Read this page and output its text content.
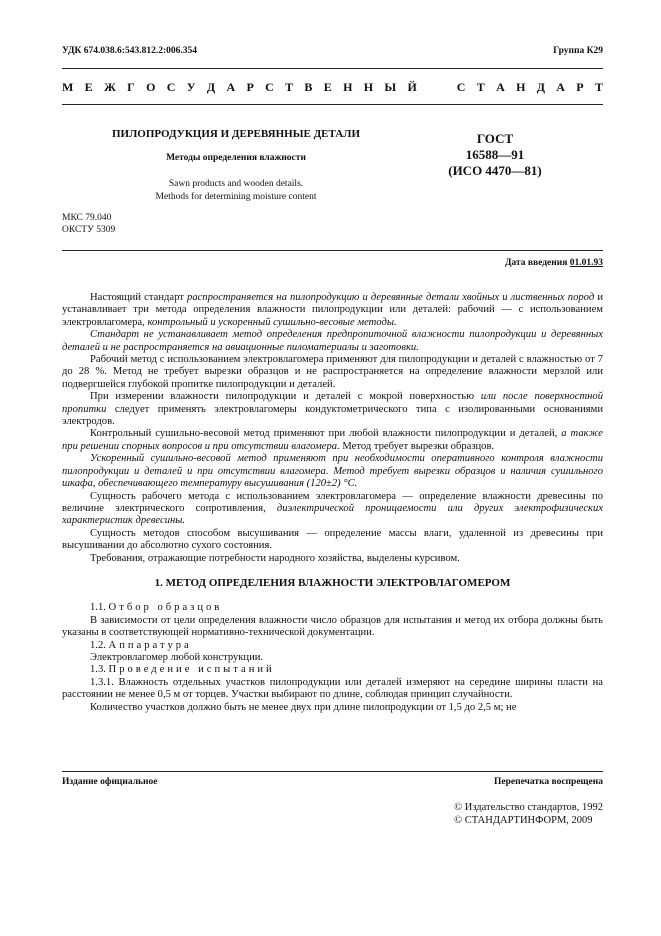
УДК 674.038.6:543.812.2:006.354	Группа К29
М Е Ж Г О С У Д А Р С Т В Е Н Н Ы Й

	С Т А Н Д А Р Т
ПИЛОПРОДУКЦИЯ И ДЕРЕВЯННЫЕ ДЕТАЛИ
Методы определения влажности
Sawn products and wooden details.
Methods for determining moisture content
ГОСТ
16588—91
(ИСО 4470—81)
МКС 79.040
ОКСТУ 5309
Дата введения 01.01.93

Настоящий стандарт распространяется на пилопродукцию и деревянные детали хвойных и лиственных пород и устанавливает три метода определения влажности пилопродукции или деталей: рабочий — с использованием электровлагомера, контрольный и ускоренный сушильно-весовые методы.

Стандарт не устанавливает метод определения предпропиточной влажности пилопродукции и деревянных деталей и не распространяется на авиационные пиломатериалы и заготовки.

Рабочий метод с использованием электровлагомера применяют для пилопродукции и деталей с влажностью от 7 до 28 %. Метод не требует вырезки образцов и не распространяется на определение влажности мерзлой или подвергшейся глубокой пропитке пилопродукции и деталей.

При измерении влажности пилопродукции и деталей с мокрой поверхностью или после поверхностной пропитки следует применять электровлагомеры кондуктометрического типа с изолированными основаниями электродов.

Контрольный сушильно-весовой метод применяют при любой влажности пилопродукции и деталей, а также при решении спорных вопросов и при отсутствии влагомера. Метод требует вырезки образцов.

Ускоренный сушильно-весовой метод применяют при необходимости оперативного контроля влажности пилопродукции и деталей и при отсутствии влагомера. Метод требует вырезки образцов и наличия сушильного шкафа, обеспечивающего температуру высушивания (120±2) °С.

Сущность рабочего метода с использованием электровлагомера — определение влажности древесины по величине электрического сопротивления, диэлектрической проницаемости или других электрофизических характеристик древесины.

Сущность методов способом высушивания — определение массы влаги, удаленной из древесины при высушивании до абсолютно сухого состояния.

Требования, отражающие потребности народного хозяйства, выделены курсивом.

1. МЕТОД ОПРЕДЕЛЕНИЯ ВЛАЖНОСТИ ЭЛЕКТРОВЛАГОМЕРОМ

1.1. Отбор образцов

В зависимости от цели определения влажности число образцов для испытания и метод их отбора должны быть указаны в соответствующей нормативно-технической документации.

1.2. Аппаратура

Электровлагомер любой конструкции.

1.3. Проведение испытаний

1.3.1. Влажность отдельных участков пилопродукции или деталей измеряют на середине ширины пласти на расстоянии не менее 0,5 м от торцев. Участки выбирают по длине, соблюдая принцип случайности.

Количество участков должно быть не менее двух при длине пилопродукции от 1,5 до 2,5 м; не

Издание официальное	Перепечатка воспрещена
© Издательство стандартов, 1992
© СТАНДАРТИНФОРМ, 2009
